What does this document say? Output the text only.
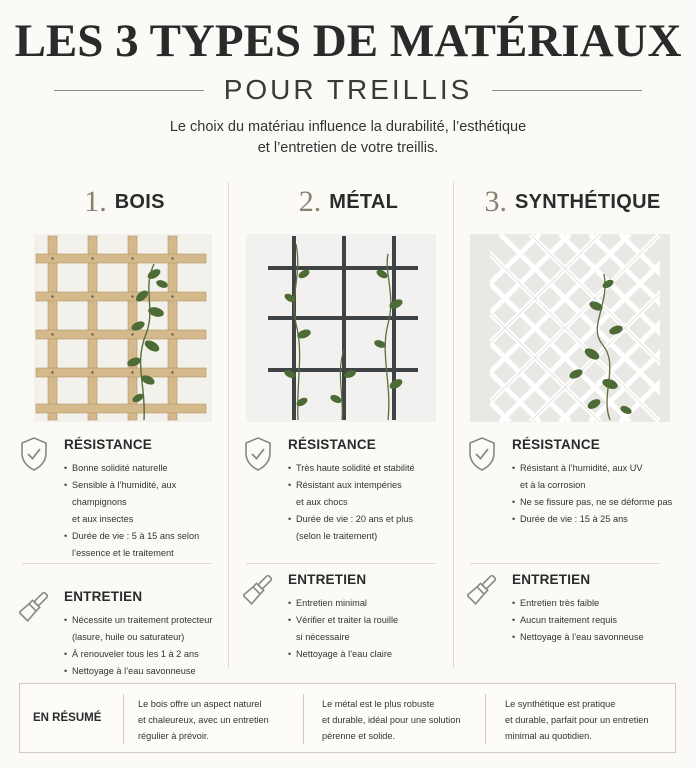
LES 3 TYPES DE MATÉRIAUX
POUR TREILLIS
Le choix du matériau influence la durabilité, l’esthétique
et l’entretien de votre treillis.
1. BOIS
RÉSISTANCE
• Bonne solidité naturelle
• Sensible à l’humidité, aux champignons
et aux insectes
• Durée de vie : 5 à 15 ans selon
l’essence et le traitement
ENTRETIEN
• Nécessite un traitement protecteur
(lasure, huile ou saturateur)
• À renouveler tous les 1 à 2 ans
• Nettoyage à l’eau savonneuse
2. MÉTAL
RÉSISTANCE
• Très haute solidité et stabilité
• Résistant aux intempéries
et aux chocs
• Durée de vie : 20 ans et plus
(selon le traitement)
ENTRETIEN
• Entretien minimal
• Vérifier et traiter la rouille
si nécessaire
• Nettoyage à l’eau claire
3. SYNTHÉTIQUE
RÉSISTANCE
• Résistant à l’humidité, aux UV
et à la corrosion
• Ne se fissure pas, ne se déforme pas
• Durée de vie : 15 à 25 ans
ENTRETIEN
• Entretien très faible
• Aucun traitement requis
• Nettoyage à l’eau savonneuse
EN RÉSUMÉ
Le bois offre un aspect naturel
et chaleureux, avec un entretien
régulier à prévoir.
Le métal est le plus robuste
et durable, idéal pour une solution
pérenne et solide.
Le synthétique est pratique
et durable, parfait pour un entretien
minimal au quotidien.
